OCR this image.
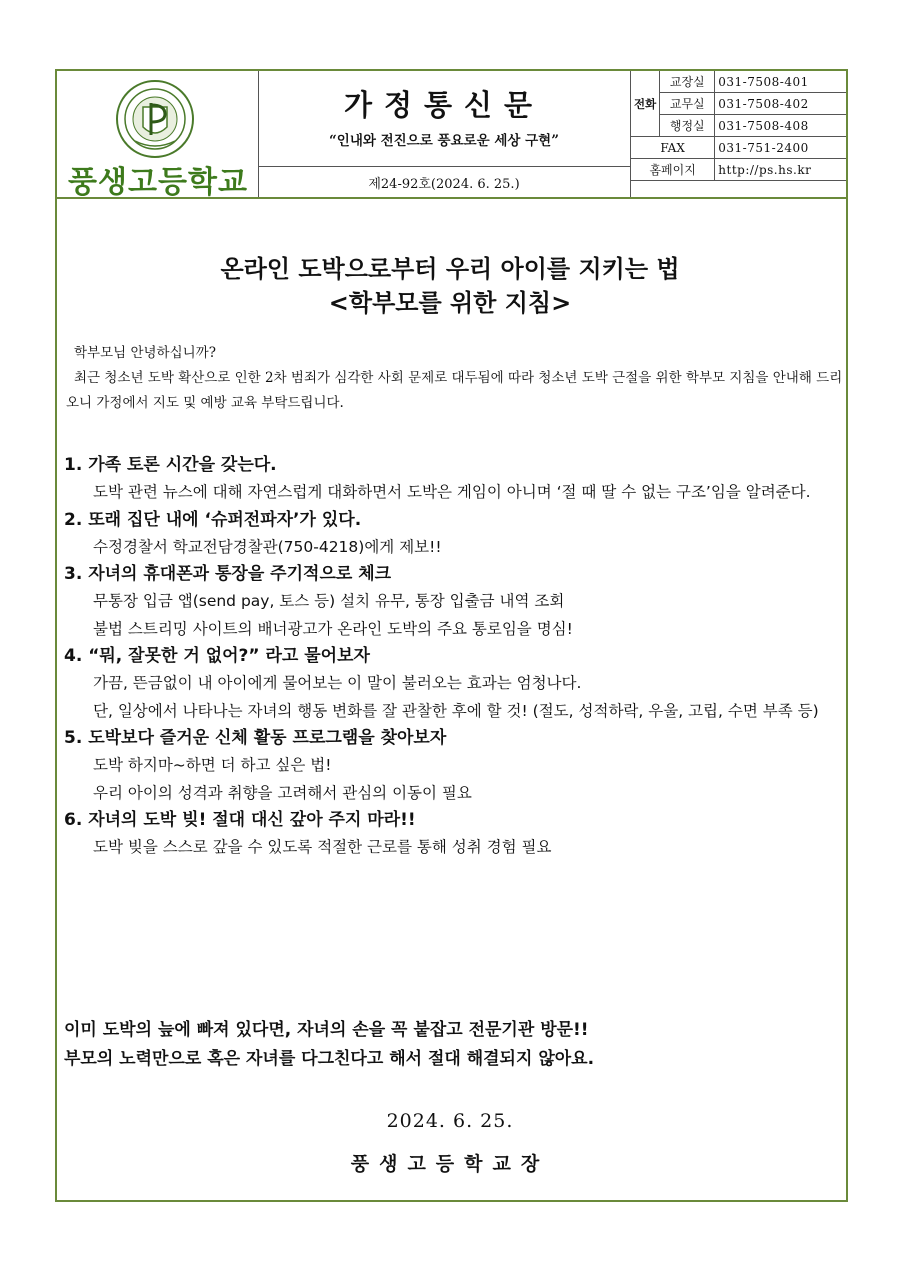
풍생고등학교
가정통신문
“인내와 전진으로 풍요로운 세상 구현”
제24-92호(2024. 6. 25.)
전화	교장실	031-7508-401
	교무실	031-7508-402
	행정실	031-7508-408
FAX		031-751-2400
홈페이지		http://ps.hs.kr
온라인 도박으로부터 우리 아이를 지키는 법
<학부모를 위한 지침>

학부모님 안녕하십니까?

최근 청소년 도박 확산으로 인한 2차 범죄가 심각한 사회 문제로 대두됨에 따라 청소년 도박 근절을 위한 학부모 지침을 안내해 드리오니 가정에서 지도 및 예방 교육 부탁드립니다.

1. 가족 토론 시간을 갖는다.
도박 관련 뉴스에 대해 자연스럽게 대화하면서 도박은 게임이 아니며 ‘절 때 딸 수 없는 구조’임을 알려준다.
2. 또래 집단 내에 ‘슈퍼전파자’가 있다.
수정경찰서 학교전담경찰관(750-4218)에게 제보!!
3. 자녀의 휴대폰과 통장을 주기적으로 체크
무통장 입금 앱(send pay, 토스 등) 설치 유무, 통장 입출금 내역 조회
불법 스트리밍 사이트의 배너광고가 온라인 도박의 주요 통로임을 명심!
4. “뭐, 잘못한 거 없어?” 라고 물어보자
가끔, 뜬금없이 내 아이에게 물어보는 이 말이 불러오는 효과는 엄청나다.
단, 일상에서 나타나는 자녀의 행동 변화를 잘 관찰한 후에 할 것! (절도, 성적하락, 우울, 고립, 수면 부족 등)
5. 도박보다 즐거운 신체 활동 프로그램을 찾아보자
도박 하지마~하면 더 하고 싶은 법!
우리 아이의 성격과 취향을 고려해서 관심의 이동이 필요
6. 자녀의 도박 빚! 절대 대신 갚아 주지 마라!!
도박 빚을 스스로 갚을 수 있도록 적절한 근로를 통해 성취 경험 필요
이미 도박의 늪에 빠져 있다면, 자녀의 손을 꼭 붙잡고 전문기관 방문!!
부모의 노력만으로 혹은 자녀를 다그친다고 해서 절대 해결되지 않아요.
2024. 6. 25.
풍생고등학교장
